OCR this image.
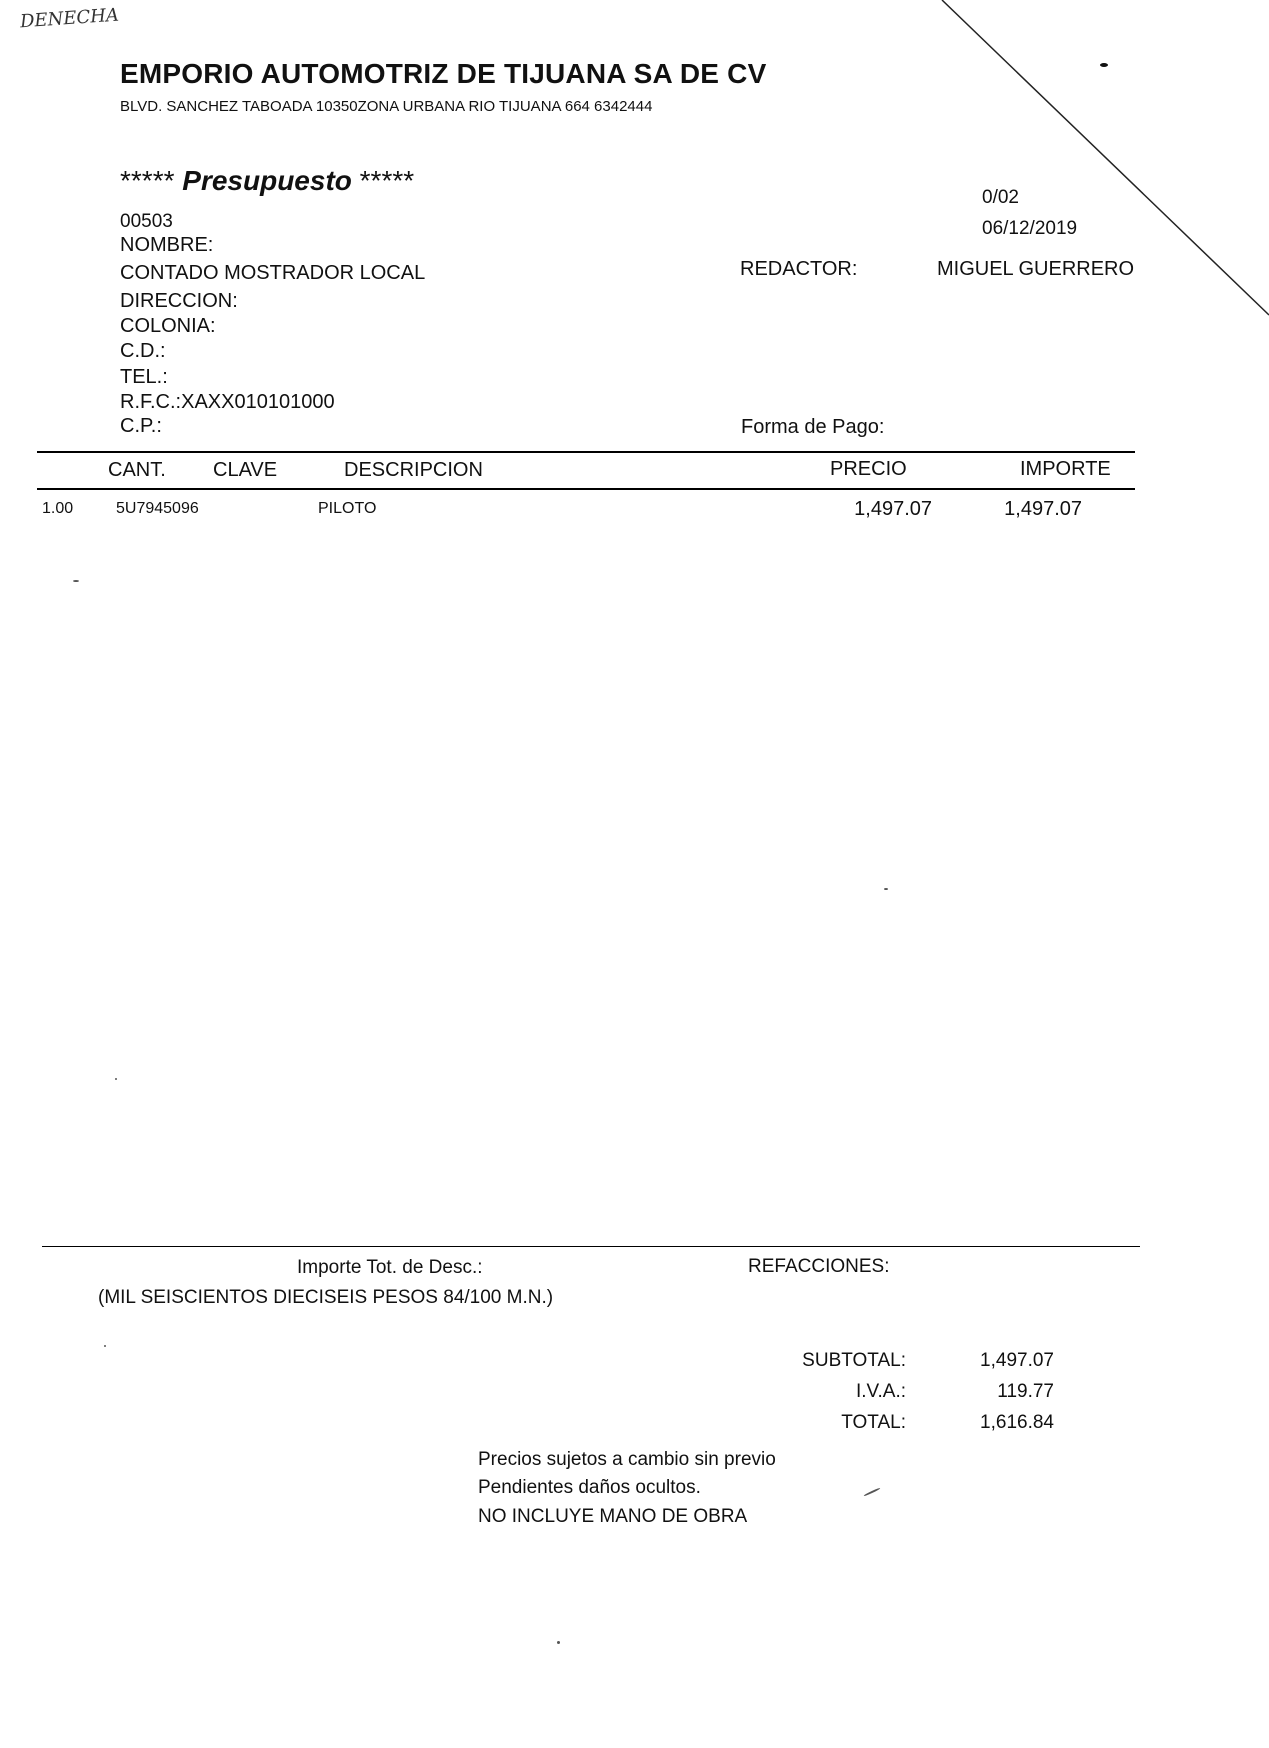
DENECHA
EMPORIO AUTOMOTRIZ DE TIJUANA SA DE CV
BLVD. SANCHEZ TABOADA 10350ZONA URBANA RIO TIJUANA 664 6342444
***** Presupuesto *****
0/02
06/12/2019
00503
NOMBRE:
CONTADO MOSTRADOR LOCAL
DIRECCION:
COLONIA:
C.D.:
TEL.:
R.F.C.:XAXX010101000
C.P.:
REDACTOR:	MIGUEL GUERRERO
Forma de Pago:
CANT. CLAVE	DESCRIPCION	PRECIO	IMPORTE
1.00	5U7945096	PILOTO	1,497.07	1,497.07
Importe Tot. de Desc.:	REFACCIONES:
(MIL SEISCIENTOS DIECISEIS PESOS 84/100 M.N.)
SUBTOTAL:	1,497.07
I.V.A.:	119.77
TOTAL:	1,616.84
Precios sujetos a cambio sin previo
Pendientes daños ocultos.
NO INCLUYE MANO DE OBRA
